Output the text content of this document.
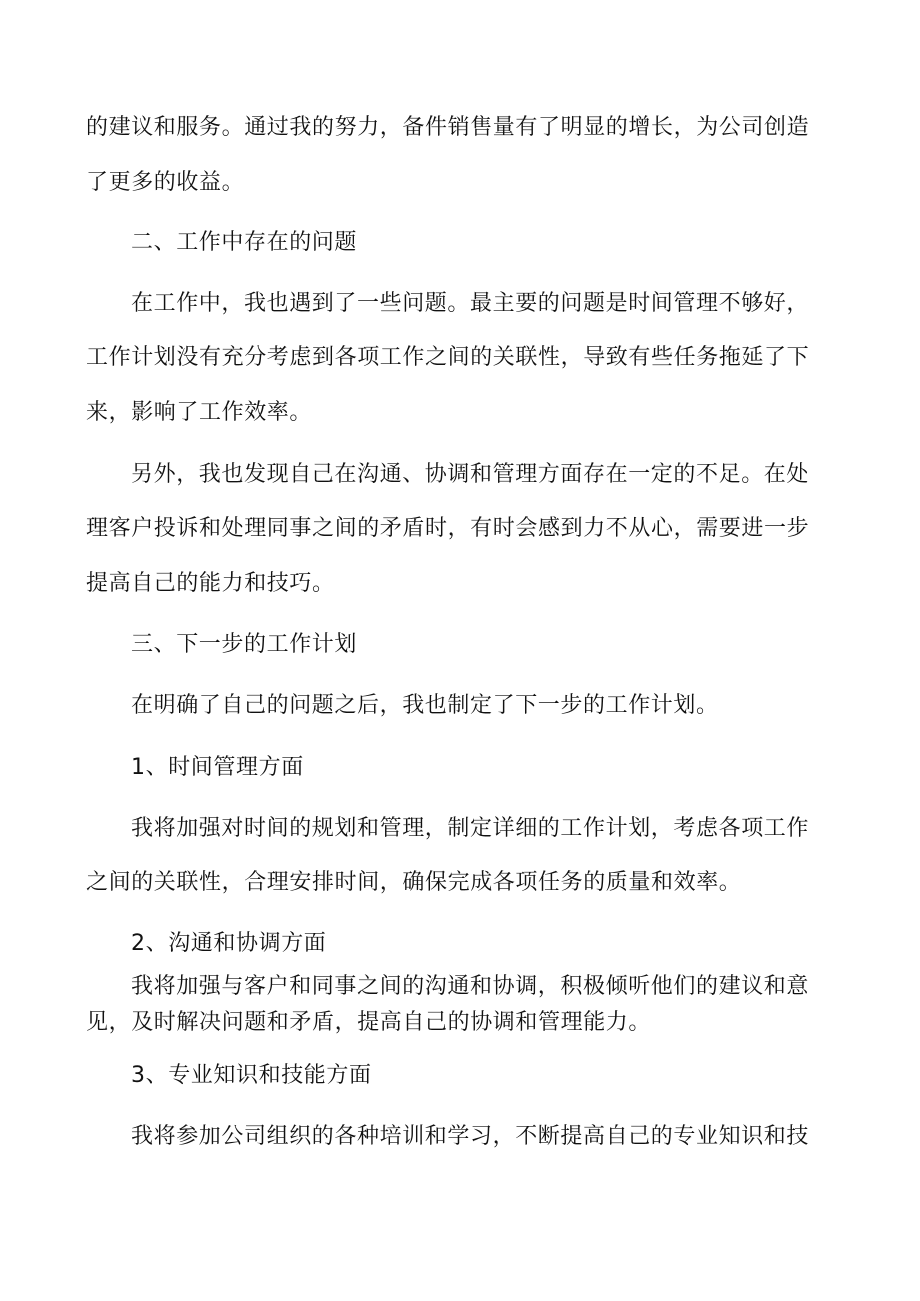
的建议和服务。通过我的努力，备件销售量有了明显的增长，为公司创造
了更多的收益。
二、工作中存在的问题
在工作中，我也遇到了一些问题。最主要的问题是时间管理不够好，
工作计划没有充分考虑到各项工作之间的关联性，导致有些任务拖延了下
来，影响了工作效率。
另外，我也发现自己在沟通、协调和管理方面存在一定的不足。在处
理客户投诉和处理同事之间的矛盾时，有时会感到力不从心，需要进一步
提高自己的能力和技巧。
三、下一步的工作计划
在明确了自己的问题之后，我也制定了下一步的工作计划。
1、时间管理方面
我将加强对时间的规划和管理，制定详细的工作计划，考虑各项工作
之间的关联性，合理安排时间，确保完成各项任务的质量和效率。
2、沟通和协调方面
我将加强与客户和同事之间的沟通和协调，积极倾听他们的建议和意
见，及时解决问题和矛盾，提高自己的协调和管理能力。
3、专业知识和技能方面
我将参加公司组织的各种培训和学习，不断提高自己的专业知识和技
